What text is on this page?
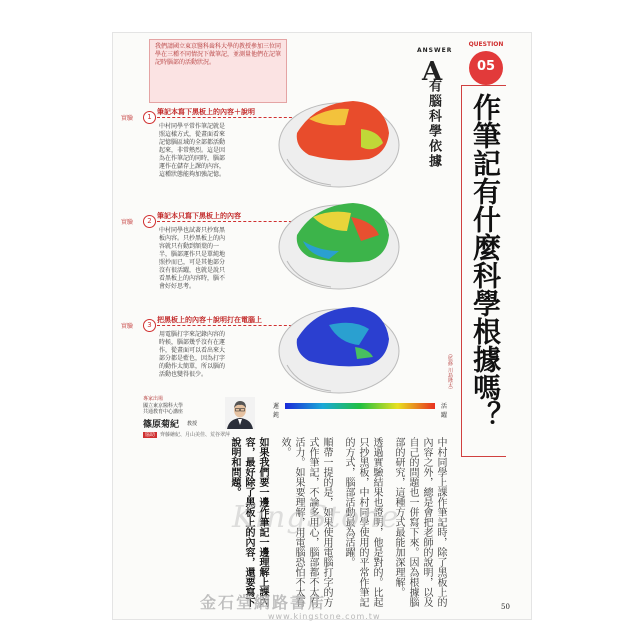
我們請國立東京醫科齒科大學的教授參加三位同學在三種不同情況下做筆記，並測量他們在記筆記時腦部的活動狀況。
實驗	1
筆記本寫下黑板上的內容＋說明
中村同學平常作筆記就是照這樣方式，從畫面看來記憶腦區域的全部都活動起來，非常熱烈。這是因為在作筆記的同時，腦部運作在儲存上課的內容，這種狀態能夠加強記憶。
實驗	2
筆記本只寫下黑板上的內容
中村同學也試著只抄寫黑板內容。只抄黑板上的內容就只有動到額葉的一半，腦部運作只是單純地照抄而已，可是其他部分沒有很活躍，也就是說只看黑板上的內容時，腦不會好好思考。
實驗	3
把黑板上的內容＋說明打在電腦上
用電腦打字來記錄內容的時候，腦部幾乎沒有在運作，從畫面可以看出來大部分都是藍色，因為打字的動作太簡單，所以腦的活動也變得很少。
遲鈍
活躍
專家出場
國立東京醫科大學
共通教育中心講座
篠原菊紀 教授
協助 齊藤繪紀、月山美佳、荒谷翠萍
ANSWER
A
有腦科學依據
QUESTION
05
作筆記有什麼科學根據嗎？
（監修 川島隆太）

中村同學上課作筆記時，除了黑板上的內容之外，總是會把老師的說明，以及自己的問題也一併寫下來。因為根據腦部的研究，這種方式最能加深理解。

透過實驗結果也證明，他是對的。比起只抄黑板，中村同學使用的平常作筆記的方式，腦部活動最為活躍。

順帶一提的是，如果使用電腦打字的方式作筆記，不論多用心，腦部都不太有活力。如果要理解，用電腦恐怕不太有效。

如果我們要一邊作筆記一邊理解上課內容，最好除了黑板上的內容，還要寫下說明和問題。

50
KingStone
金石堂網路書店
www.kingstone.com.tw
